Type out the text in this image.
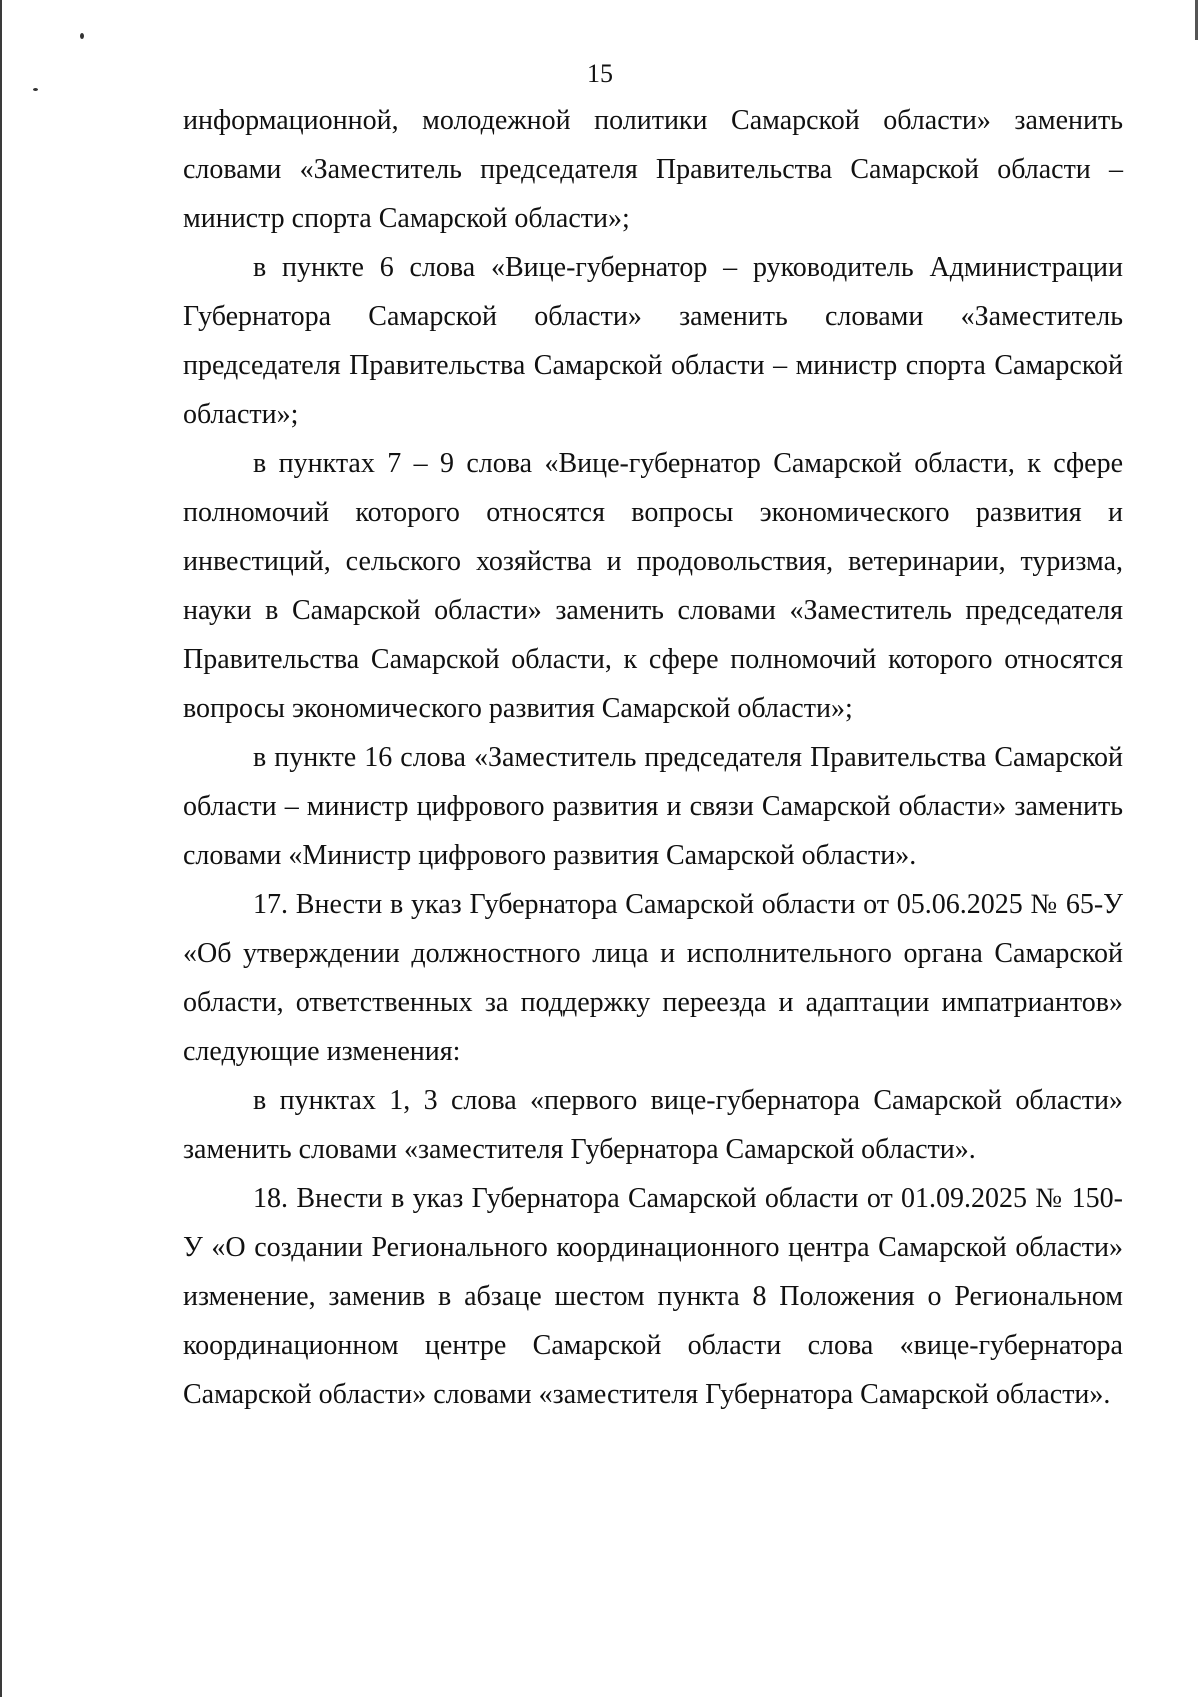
15

информационной, молодежной политики Самарской области» заменить словами «Заместитель председателя Правительства Самарской области – министр спорта Самарской области»;

в пункте 6 слова «Вице-губернатор – руководитель Администрации Губернатора Самарской области» заменить словами «Заместитель председателя Правительства Самарской области – министр спорта Самарской области»;

в пунктах 7 – 9 слова «Вице-губернатор Самарской области, к сфере полномочий которого относятся вопросы экономического развития и инвестиций, сельского хозяйства и продовольствия, ветеринарии, туризма, науки в Самарской области» заменить словами «Заместитель председателя Правительства Самарской области, к сфере полномочий которого относятся вопросы экономического развития Самарской области»;

в пункте 16 слова «Заместитель председателя Правительства Самарской области – министр цифрового развития и связи Самарской области» заменить словами «Министр цифрового развития Самарской области».

17. Внести в указ Губернатора Самарской области от 05.06.2025 № 65-У «Об утверждении должностного лица и исполнительного органа Самарской области, ответственных за поддержку переезда и адаптации импатриантов» следующие изменения:

в пунктах 1, 3 слова «первого вице-губернатора Самарской области» заменить словами «заместителя Губернатора Самарской области».

18. Внести в указ Губернатора Самарской области от 01.09.2025 № 150-У «О создании Регионального координационного центра Самарской области» изменение, заменив в абзаце шестом пункта 8 Положения о Региональном координационном центре Самарской области слова «вице-губернатора Самарской области» словами «заместителя Губернатора Самарской области».
